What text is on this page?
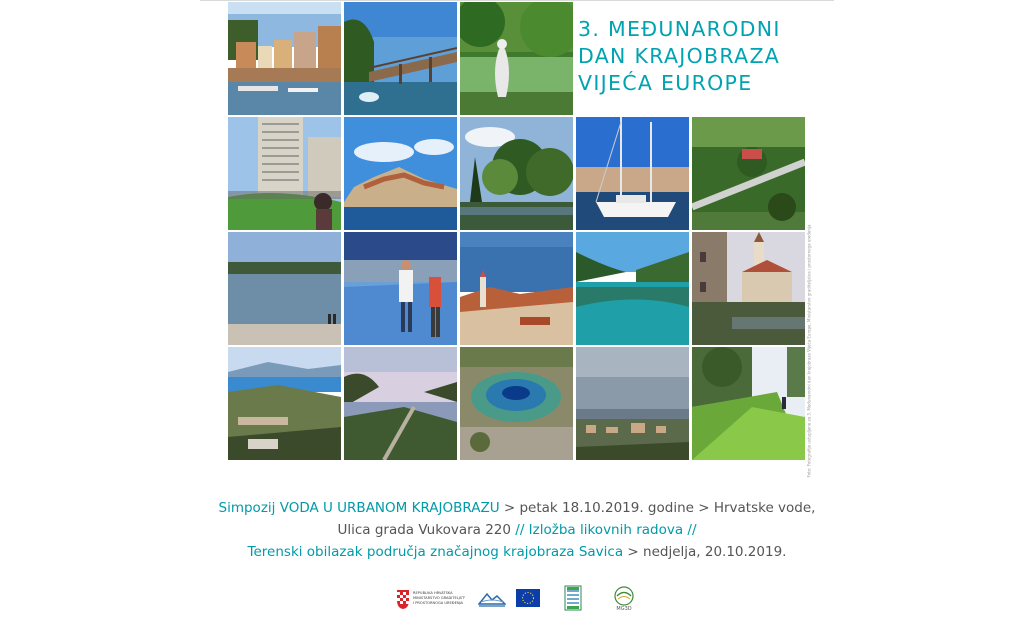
3. MEĐUNARODNI
DAN KRAJOBRAZA
VIJEĆA EUROPE
Foto: Fotografije ustupljene za 3. Međunarodni dan krajobraza Vijeća Europe, Ministarstvo graditeljstva i prostornoga uređenja
Simpozij VODA U URBANOM KRAJOBRAZU > petak 18.10.2019. godine > Hrvatske vode,
Ulica grada Vukovara 220 // Izložba likovnih radova //
Terenski obilazak područja značajnog krajobraza Savica > nedjelja, 20.10.2019.
REPUBLIKA HRVATSKA
MINISTARSTVO GRADITELJSTVA
I PROSTORNOGA UREĐENJA
MG3D
